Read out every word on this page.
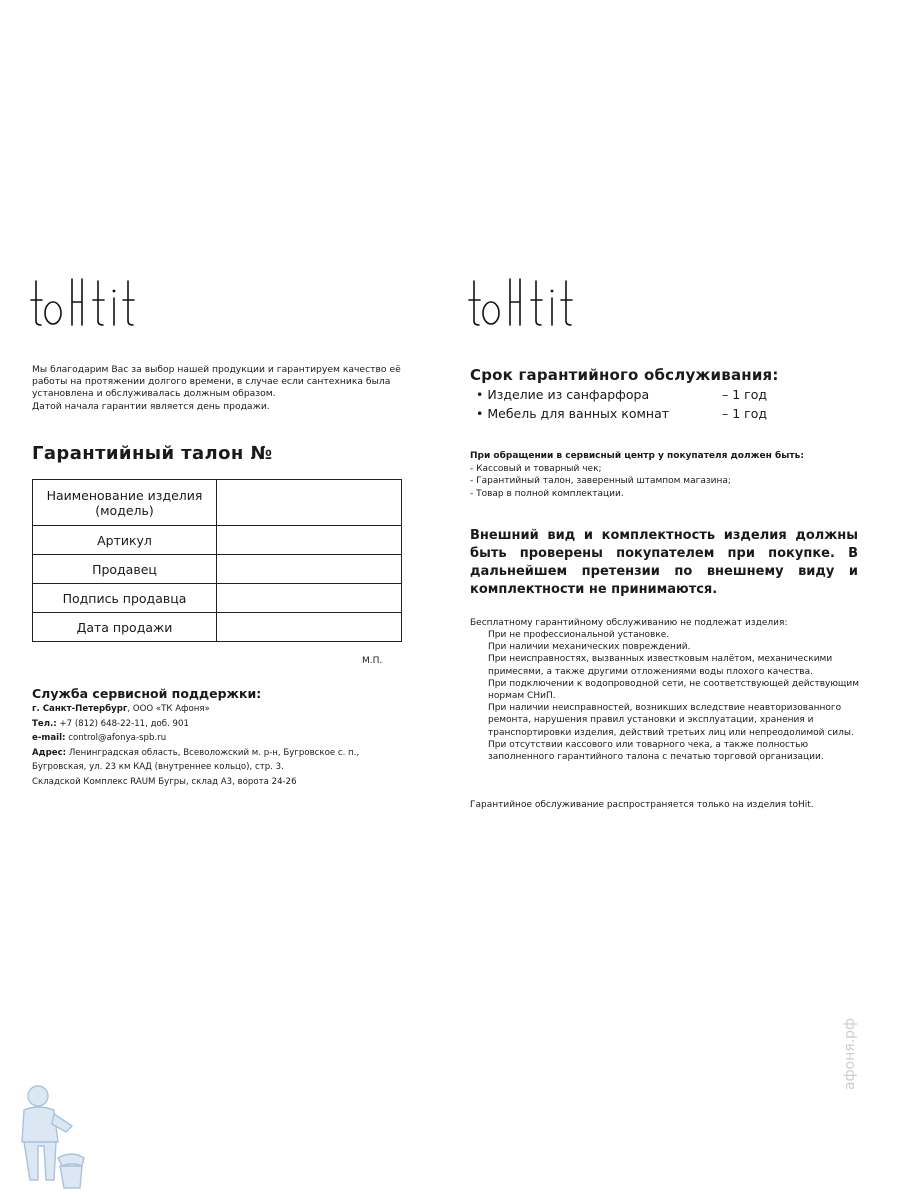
Мы благодарим Вас за выбор нашей продукции и гарантируем качество её

работы на протяжении долгого времени, в случае если сантехника была

установлена и обслуживалась должным образом.

Датой начала гарантии является день продажи.

Гарантийный талон №
Наименование изделия (модель)	
Артикул	
Продавец	
Подпись продавца	
Дата продажи	
М.П.
Служба сервисной поддержки:
г. Санкт-Петербург, ООО «ТК Афоня»
Тел.: +7 (812) 648-22-11, доб. 901
e-mail: control@afonya-spb.ru
Адрес: Ленинградская область, Всеволожский м. р-н, Бугровское с. п.,
Бугровская, ул. 23 км КАД (внутреннее кольцо), стр. 3.
Складской Комплекс RAUM Бугры, склад А3, ворота 24-26
Срок гарантийного обслуживания:
• Изделие из санфарфора	– 1 год
• Мебель для ванных комнат	– 1 год
При обращении в сервисный центр у покупателя должен быть:
- Кассовый и товарный чек;
- Гарантийный талон, заверенный штампом магазина;
- Товар в полной комплектации.
Внешний вид и комплектность изделия должны быть проверены покупателем при покупке. В дальнейшем претензии по внешнему виду и комплектности не принимаются.
Бесплатному гарантийному обслуживанию не подлежат изделия:

При не профессиональной установке.

При наличии механических повреждений.

При неисправностях, вызванных известковым налётом, механическими примесями, а также другими отложениями воды плохого качества.

При подключении к водопроводной сети, не соответствующей действующим нормам СНиП.

При наличии неисправностей, возникших вследствие неавторизованного ремонта, нарушения правил установки и эксплуатации, хранения и транспортировки изделия, действий третьих лиц или непреодолимой силы.

При отсутствии кассового или товарного чека, а также полностью заполненного гарантийного талона с печатью торговой организации.

Гарантийное обслуживание распространяется только на изделия toHit.
афоня.рф
